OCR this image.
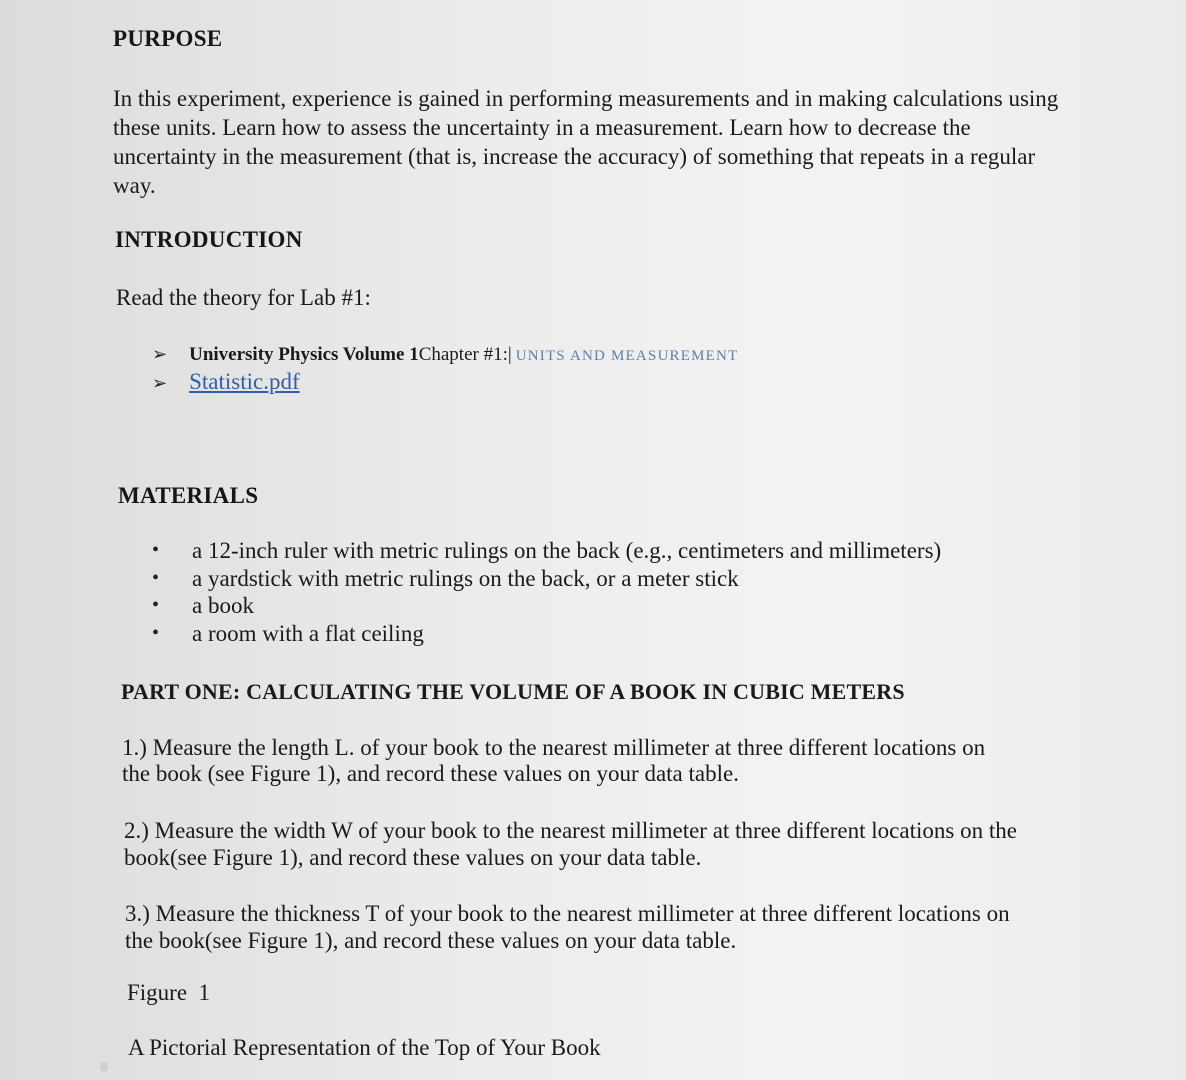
PURPOSE
In this experiment, experience is gained in performing measurements and in making calculations using these units. Learn how to assess the uncertainty in a measurement. Learn how to decrease the uncertainty in the measurement (that is, increase the accuracy) of something that repeats in a regular way.
INTRODUCTION
Read the theory for Lab #1:
➢ University Physics Volume 1Chapter #1:| UNITS AND MEASUREMENT
➢ Statistic.pdf
MATERIALS
• a 12-inch ruler with metric rulings on the back (e.g., centimeters and millimeters)
• a yardstick with metric rulings on the back, or a meter stick
• a book
• a room with a flat ceiling
PART ONE: CALCULATING THE VOLUME OF A BOOK IN CUBIC METERS
1.) Measure the length L. of your book to the nearest millimeter at three different locations on
the book (see Figure 1), and record these values on your data table.
2.) Measure the width W of your book to the nearest millimeter at three different locations on the
book(see Figure 1), and record these values on your data table.
3.) Measure the thickness T of your book to the nearest millimeter at three different locations on
the book(see Figure 1), and record these values on your data table.
Figure  1
A Pictorial Representation of the Top of Your Book
